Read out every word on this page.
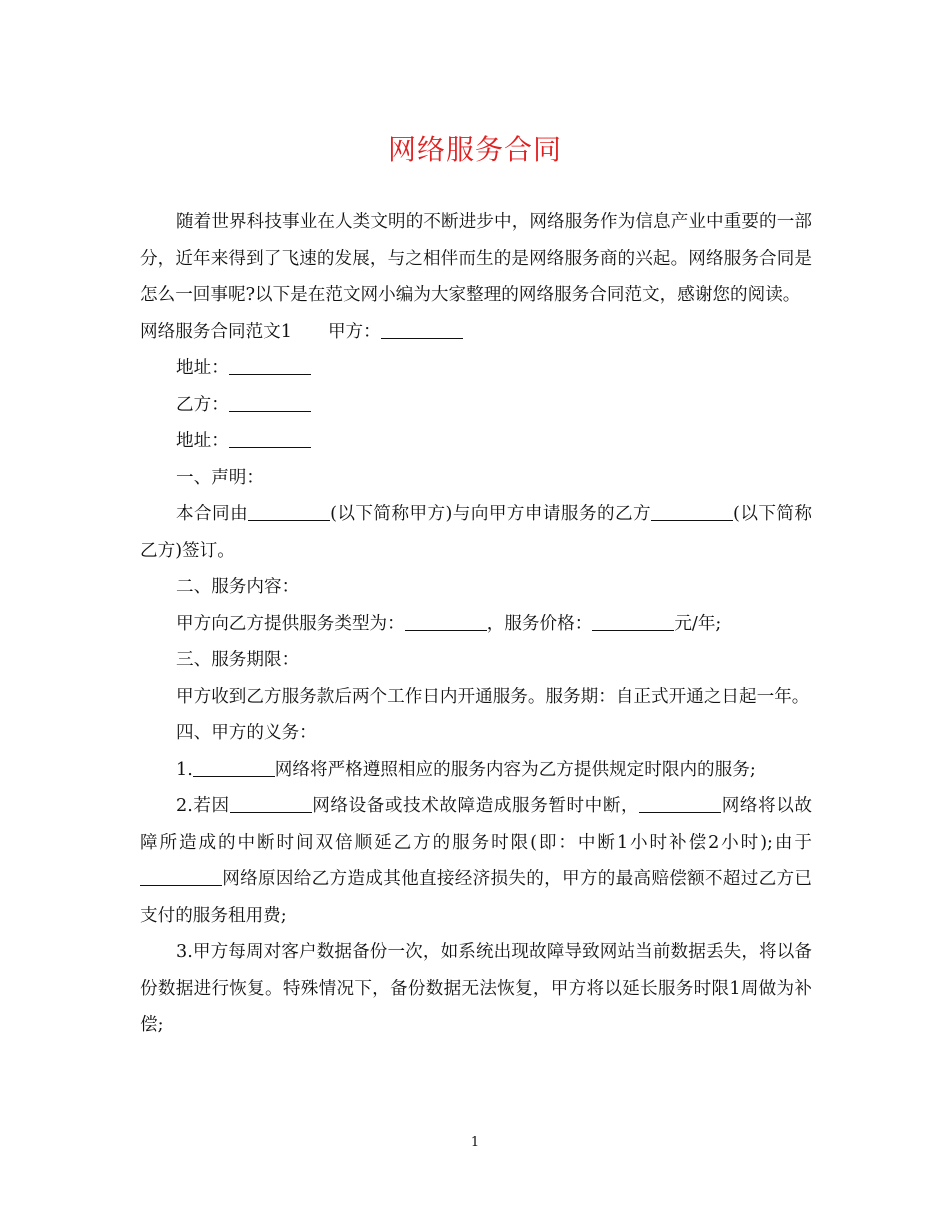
网络服务合同

随着世界科技事业在人类文明的不断进步中，网络服务作为信息产业中重要的一部分，近年来得到了飞速的发展，与之相伴而生的是网络服务商的兴起。网络服务合同是怎么一回事呢?以下是在范文网小编为大家整理的网络服务合同范文，感谢您的阅读。

网络服务合同范文1 甲方：

地址：

乙方：

地址：

一、声明：

本合同由	(以下简称甲方)与向甲方申请服务的乙方	(以下简称乙方)签订。

二、服务内容：

甲方向乙方提供服务类型为：	，服务价格：	元/年;

三、服务期限：

甲方收到乙方服务款后两个工作日内开通服务。服务期：自正式开通之日起一年。

四、甲方的义务：

1.	网络将严格遵照相应的服务内容为乙方提供规定时限内的服务;

2.若因	网络设备或技术故障造成服务暂时中断，	网络将以故障所造成的中断时间双倍顺延乙方的服务时限(即：中断1小时补偿2小时);由于网络原因给乙方造成其他直接经济损失的，甲方的最高赔偿额不超过乙方已支付的服务租用费;

3.甲方每周对客户数据备份一次，如系统出现故障导致网站当前数据丢失，将以备份数据进行恢复。特殊情况下，备份数据无法恢复，甲方将以延长服务时限1周做为补偿;

1
